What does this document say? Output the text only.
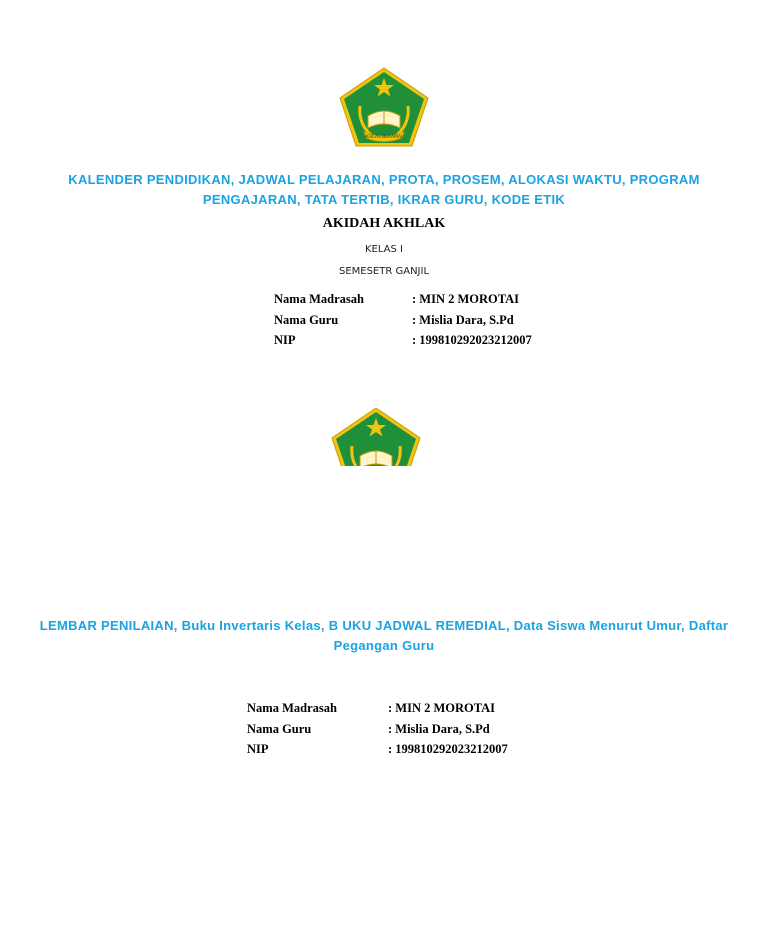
IKHLAS BERAMAL
KALENDER PENDIDIKAN, JADWAL PELAJARAN, PROTA, PROSEM, ALOKASI WAKTU, PROGRAM PENGAJARAN, TATA TERTIB, IKRAR GURU, KODE ETIK
AKIDAH AKHLAK
KELAS I
SEMESETR GANJIL
Nama Madrasah	: MIN 2 MOROTAI
Nama Guru	: Mislia Dara, S.Pd
NIP	: 199810292023212007
LEMBAR PENILAIAN, Buku Invertaris Kelas, B UKU JADWAL REMEDIAL, Data Siswa Menurut Umur, Daftar Pegangan Guru
Nama Madrasah	: MIN 2 MOROTAI
Nama Guru	: Mislia Dara, S.Pd
NIP	: 199810292023212007
